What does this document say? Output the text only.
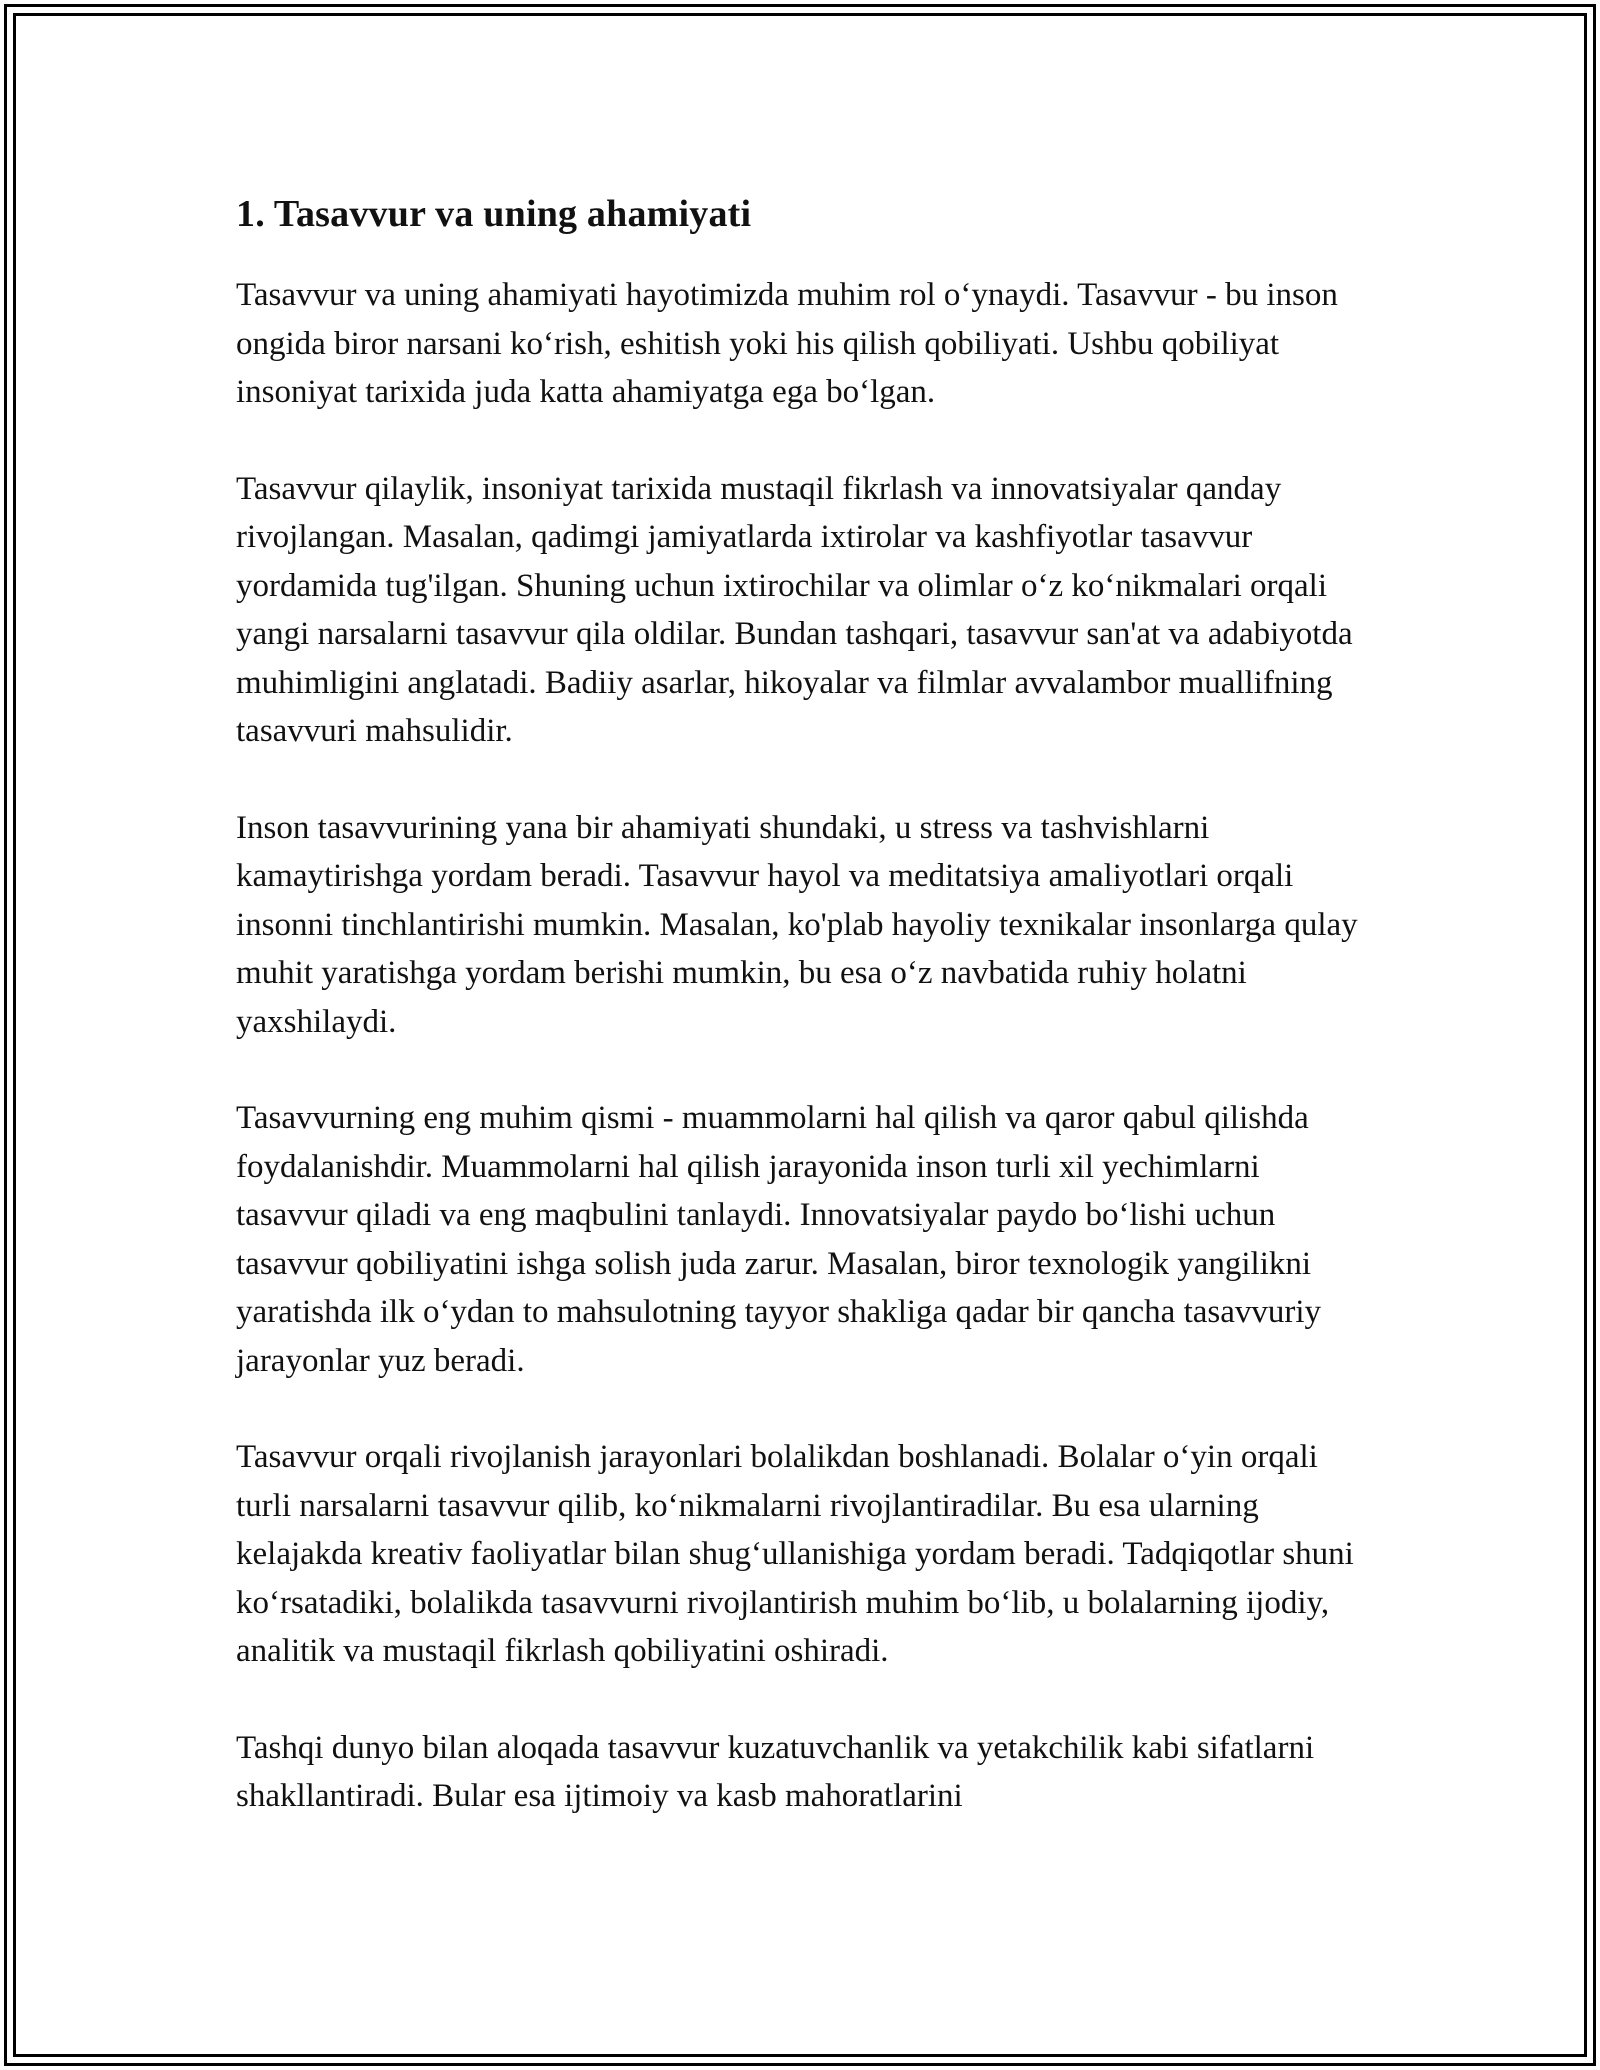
1. Tasavvur va uning ahamiyati

Tasavvur va uning ahamiyati hayotimizda muhim rol o‘ynaydi. Tasavvur - bu inson ongida biror narsani ko‘rish, eshitish yoki his qilish qobiliyati. Ushbu qobiliyat insoniyat tarixida juda katta ahamiyatga ega bo‘lgan.

Tasavvur qilaylik, insoniyat tarixida mustaqil fikrlash va innovatsiyalar qanday rivojlangan. Masalan, qadimgi jamiyatlarda ixtirolar va kashfiyotlar tasavvur yordamida tug'ilgan. Shuning uchun ixtirochilar va olimlar o‘z ko‘nikmalari orqali yangi narsalarni tasavvur qila oldilar. Bundan tashqari, tasavvur san'at va adabiyotda muhimligini anglatadi. Badiiy asarlar, hikoyalar va filmlar avvalambor muallifning tasavvuri mahsulidir.

Inson tasavvurining yana bir ahamiyati shundaki, u stress va tashvishlarni kamaytirishga yordam beradi. Tasavvur hayol va meditatsiya amaliyotlari orqali insonni tinchlantirishi mumkin. Masalan, ko'plab hayoliy texnikalar insonlarga qulay muhit yaratishga yordam berishi mumkin, bu esa o‘z navbatida ruhiy holatni yaxshilaydi.

Tasavvurning eng muhim qismi - muammolarni hal qilish va qaror qabul qilishda foydalanishdir. Muammolarni hal qilish jarayonida inson turli xil yechimlarni tasavvur qiladi va eng maqbulini tanlaydi. Innovatsiyalar paydo bo‘lishi uchun tasavvur qobiliyatini ishga solish juda zarur. Masalan, biror texnologik yangilikni yaratishda ilk o‘ydan to mahsulotning tayyor shakliga qadar bir qancha tasavvuriy jarayonlar yuz beradi.

Tasavvur orqali rivojlanish jarayonlari bolalikdan boshlanadi. Bolalar o‘yin orqali turli narsalarni tasavvur qilib, ko‘nikmalarni rivojlantiradilar. Bu esa ularning kelajakda kreativ faoliyatlar bilan shug‘ullanishiga yordam beradi. Tadqiqotlar shuni ko‘rsatadiki, bolalikda tasavvurni rivojlantirish muhim bo‘lib, u bolalarning ijodiy, analitik va mustaqil fikrlash qobiliyatini oshiradi.

Tashqi dunyo bilan aloqada tasavvur kuzatuvchanlik va yetakchilik kabi sifatlarni shakllantiradi. Bular esa ijtimoiy va kasb mahoratlarini
